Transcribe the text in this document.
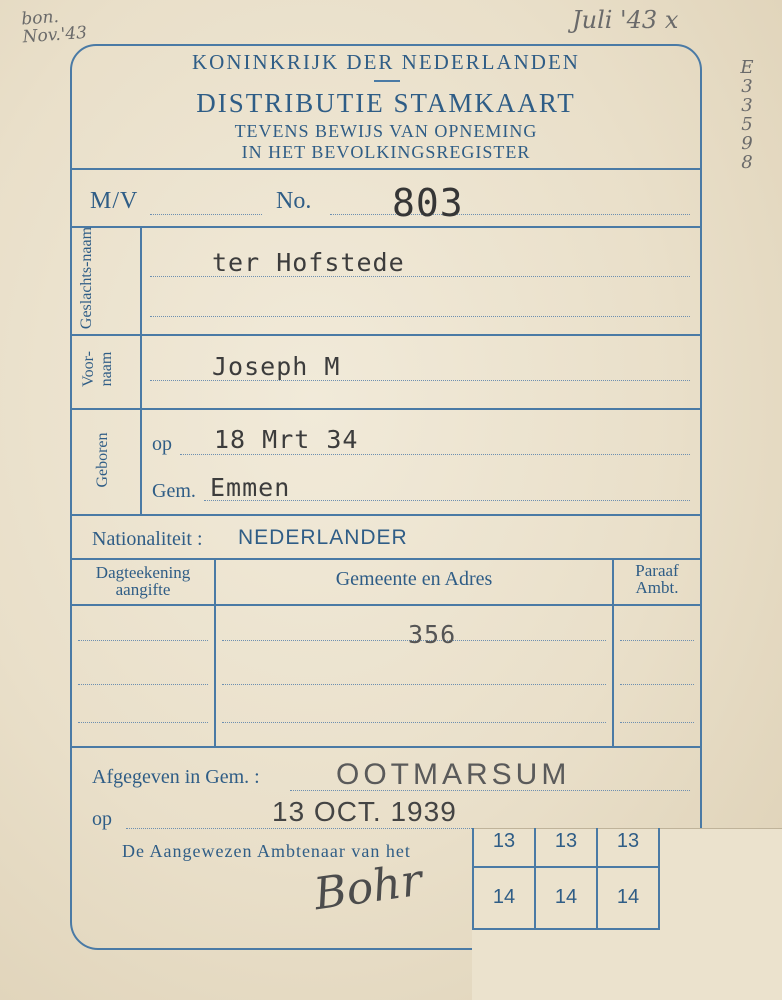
bon. Nov.'43
Juli '43 x
E 3 3 5 9 8
KONINKRIJK DER NEDERLANDEN
DISTRIBUTIE STAMKAART
TEVENS BEWIJS VAN OPNEMING
IN HET BEVOLKINGSREGISTER
M/V	No. 803
Geslachts-naam	ter Hofstede
Voor-naam	Joseph M
Geboren op 18 Mrt 34
Gem. Emmen
Nationaliteit : NEDERLANDER
Dagteekening aangifte	Gemeente en Adres	Paraaf Ambt.
356
Afgegeven in Gem. :	OOTMARSUM
op	13 OCT. 1939
De Aangewezen Ambtenaar van het
Bohr
13	13	13
14	14	14
